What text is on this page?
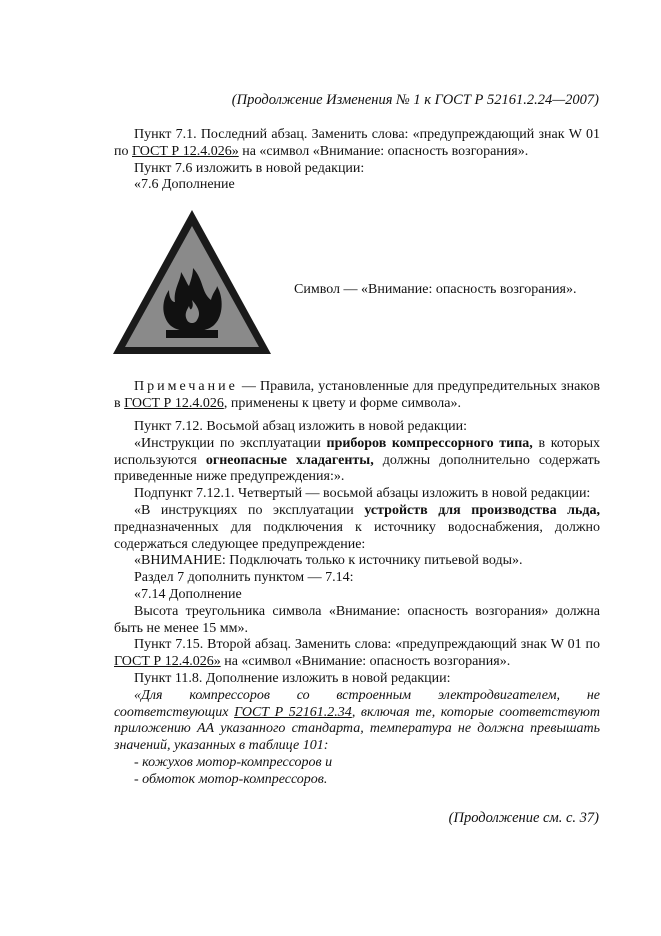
(Продолжение Изменения № 1 к ГОСТ Р 52161.2.24—2007)

Пункт 7.1. Последний абзац. Заменить слова: «предупреждающий знак W 01 по ГОСТ Р 12.4.026» на «символ «Внимание: опасность возгорания».

Пункт 7.6 изложить в новой редакции:

«7.6 Дополнение

Символ — «Внимание: опасность возгорания».

Примечание — Правила, установленные для предупредительных знаков в ГОСТ Р 12.4.026, применены к цвету и форме символа».

Пункт 7.12. Восьмой абзац изложить в новой редакции:

«Инструкции по эксплуатации приборов компрессорного типа, в которых используются огнеопасные хладагенты, должны дополнительно содержать приведенные ниже предупреждения:».

Подпункт 7.12.1. Четвертый — восьмой абзацы изложить в новой редакции:

«В инструкциях по эксплуатации устройств для производства льда, предназначенных для подключения к источнику водоснабжения, должно содержаться следующее предупреждение:

«ВНИМАНИЕ: Подключать только к источнику питьевой воды».

Раздел 7 дополнить пунктом — 7.14:

«7.14 Дополнение

Высота треугольника символа «Внимание: опасность возгорания» должна быть не менее 15 мм».

Пункт 7.15. Второй абзац. Заменить слова: «предупреждающий знак W 01 по ГОСТ Р 12.4.026» на «символ «Внимание: опасность возгорания».

Пункт 11.8. Дополнение изложить в новой редакции:

«Для компрессоров со встроенным электродвигателем, не соответствующих ГОСТ Р 52161.2.34, включая те, которые соответствуют приложению АА указанного стандарта, температура не должна превышать значений, указанных в таблице 101:

- кожухов мотор-компрессоров и

- обмоток мотор-компрессоров.

(Продолжение см. с. 37)
